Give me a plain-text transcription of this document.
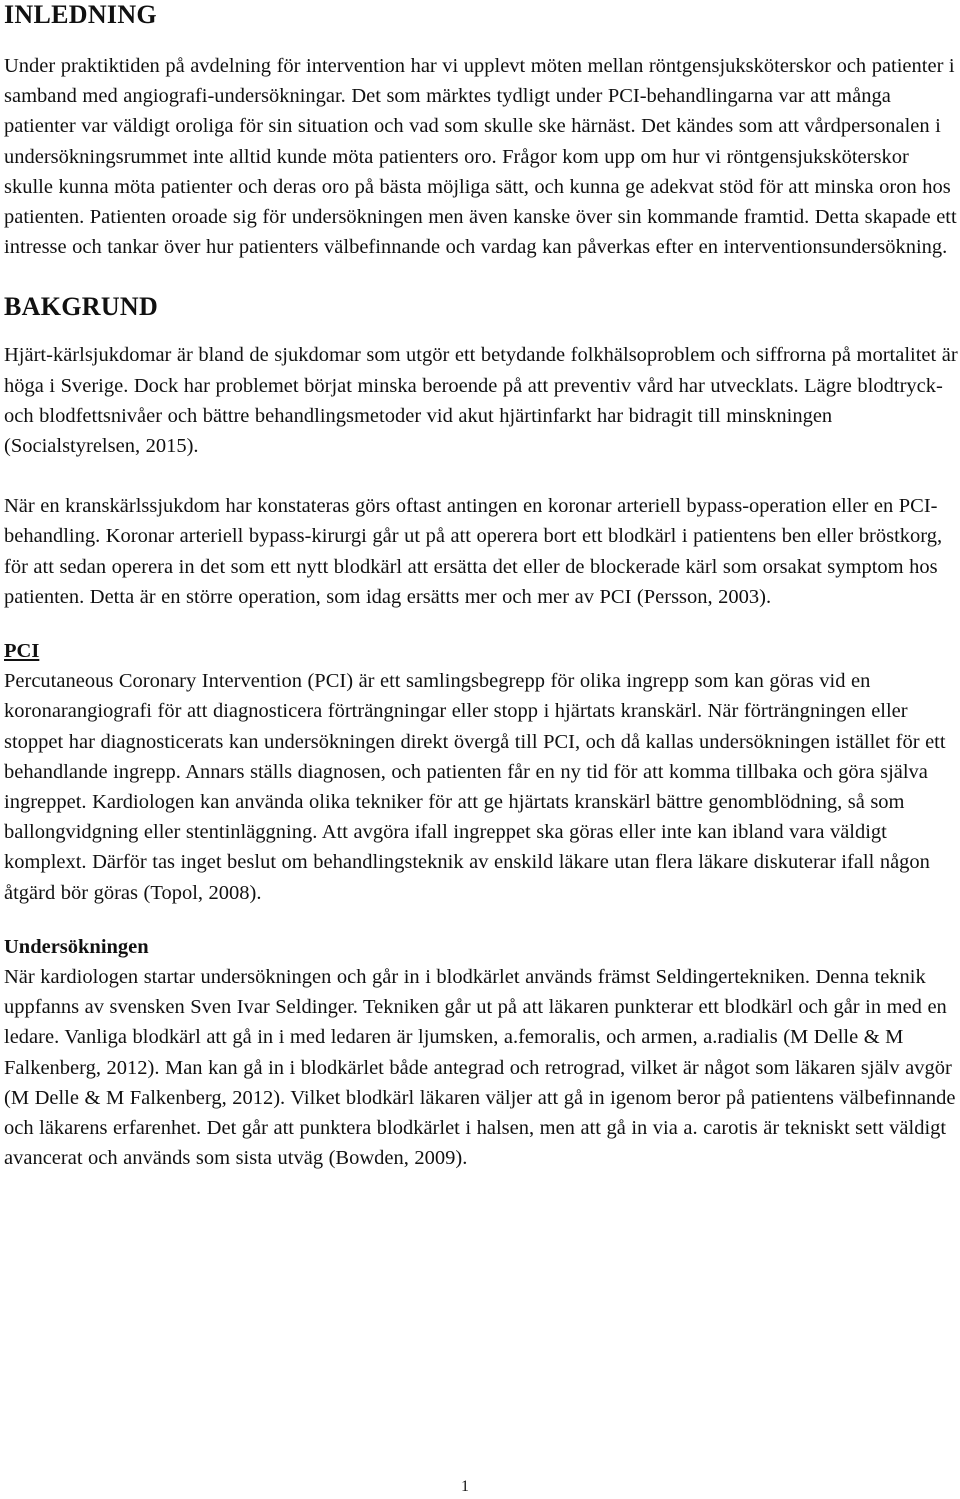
INLEDNING

Under praktiktiden på avdelning för intervention har vi upplevt möten mellan röntgensjuksköterskor och patienter i samband med angiografi-undersökningar. Det som märktes tydligt under PCI-behandlingarna var att många patienter var väldigt oroliga för sin situation och vad som skulle ske härnäst. Det kändes som att vårdpersonalen i undersökningsrummet inte alltid kunde möta patienters oro. Frågor kom upp om hur vi röntgensjuksköterskor skulle kunna möta patienter och deras oro på bästa möjliga sätt, och kunna ge adekvat stöd för att minska oron hos patienten. Patienten oroade sig för undersökningen men även kanske över sin kommande framtid. Detta skapade ett intresse och tankar över hur patienters välbefinnande och vardag kan påverkas efter en interventionsundersökning.

BAKGRUND

Hjärt-kärlsjukdomar är bland de sjukdomar som utgör ett betydande folkhälsoproblem och siffrorna på mortalitet är höga i Sverige. Dock har problemet börjat minska beroende på att preventiv vård har utvecklats. Lägre blodtryck- och blodfettsnivåer och bättre behandlingsmetoder vid akut hjärtinfarkt har bidragit till minskningen (Socialstyrelsen, 2015).

När en kranskärlssjukdom har konstateras görs oftast antingen en koronar arteriell bypass-operation eller en PCI-behandling. Koronar arteriell bypass-kirurgi går ut på att operera bort ett blodkärl i patientens ben eller bröstkorg, för att sedan operera in det som ett nytt blodkärl att ersätta det eller de blockerade kärl som orsakat symptom hos patienten. Detta är en större operation, som idag ersätts mer och mer av PCI (Persson, 2003).

PCI

Percutaneous Coronary Intervention (PCI) är ett samlingsbegrepp för olika ingrepp som kan göras vid en koronarangiografi för att diagnosticera förträngningar eller stopp i hjärtats kranskärl. När förträngningen eller stoppet har diagnosticerats kan undersökningen direkt övergå till PCI, och då kallas undersökningen istället för ett behandlande ingrepp. Annars ställs diagnosen, och patienten får en ny tid för att komma tillbaka och göra själva ingreppet. Kardiologen kan använda olika tekniker för att ge hjärtats kranskärl bättre genomblödning, så som ballongvidgning eller stentinläggning. Att avgöra ifall ingreppet ska göras eller inte kan ibland vara väldigt komplext. Därför tas inget beslut om behandlingsteknik av enskild läkare utan flera läkare diskuterar ifall någon åtgärd bör göras (Topol, 2008).

Undersökningen

När kardiologen startar undersökningen och går in i blodkärlet används främst Seldingertekniken. Denna teknik uppfanns av svensken Sven Ivar Seldinger. Tekniken går ut på att läkaren punkterar ett blodkärl och går in med en ledare. Vanliga blodkärl att gå in i med ledaren är ljumsken, a.femoralis, och armen, a.radialis (M Delle & M Falkenberg, 2012). Man kan gå in i blodkärlet både antegrad och retrograd, vilket är något som läkaren själv avgör (M Delle & M Falkenberg, 2012). Vilket blodkärl läkaren väljer att gå in igenom beror på patientens välbefinnande och läkarens erfarenhet. Det går att punktera blodkärlet i halsen, men att gå in via a. carotis är tekniskt sett väldigt avancerat och används som sista utväg (Bowden, 2009).

1
